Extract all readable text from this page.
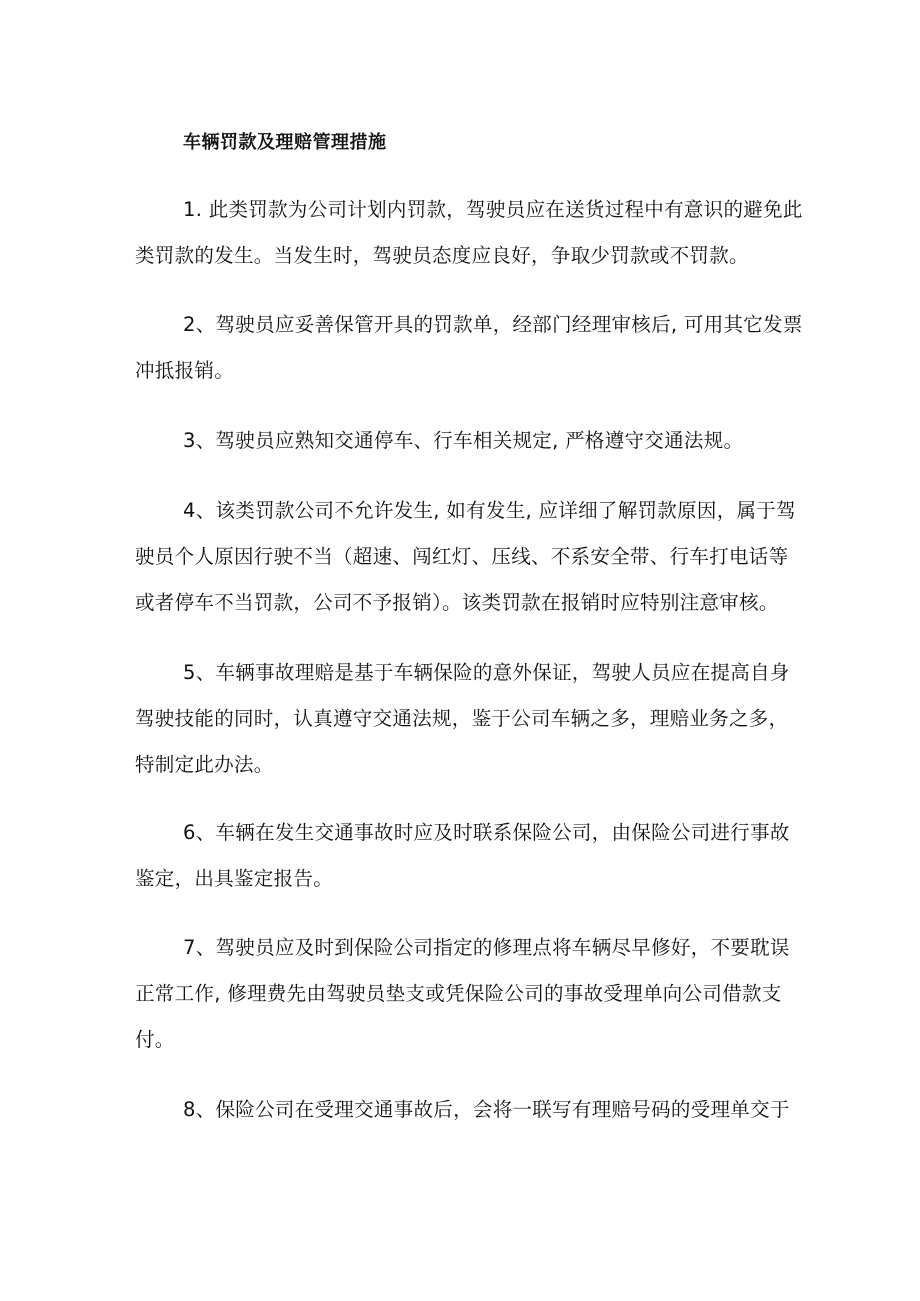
车辆罚款及理赔管理措施

1. 此类罚款为公司计划内罚款，驾驶员应在送货过程中有意识的避免此类罚款的发生。当发生时，驾驶员态度应良好，争取少罚款或不罚款。

2、驾驶员应妥善保管开具的罚款单，经部门经理审核后, 可用其它发票冲抵报销。

3、驾驶员应熟知交通停车、行车相关规定, 严格遵守交通法规。

4、该类罚款公司不允许发生, 如有发生, 应详细了解罚款原因，属于驾驶员个人原因行驶不当（超速、闯红灯、压线、不系安全带、行车打电话等或者停车不当罚款，公司不予报销）。该类罚款在报销时应特别注意审核。

5、车辆事故理赔是基于车辆保险的意外保证，驾驶人员应在提高自身驾驶技能的同时，认真遵守交通法规，鉴于公司车辆之多，理赔业务之多，特制定此办法。

6、车辆在发生交通事故时应及时联系保险公司，由保险公司进行事故鉴定，出具鉴定报告。

7、驾驶员应及时到保险公司指定的修理点将车辆尽早修好，不要耽误正常工作, 修理费先由驾驶员垫支或凭保险公司的事故受理单向公司借款支付。

8、保险公司在受理交通事故后，会将一联写有理赔号码的受理单交于
